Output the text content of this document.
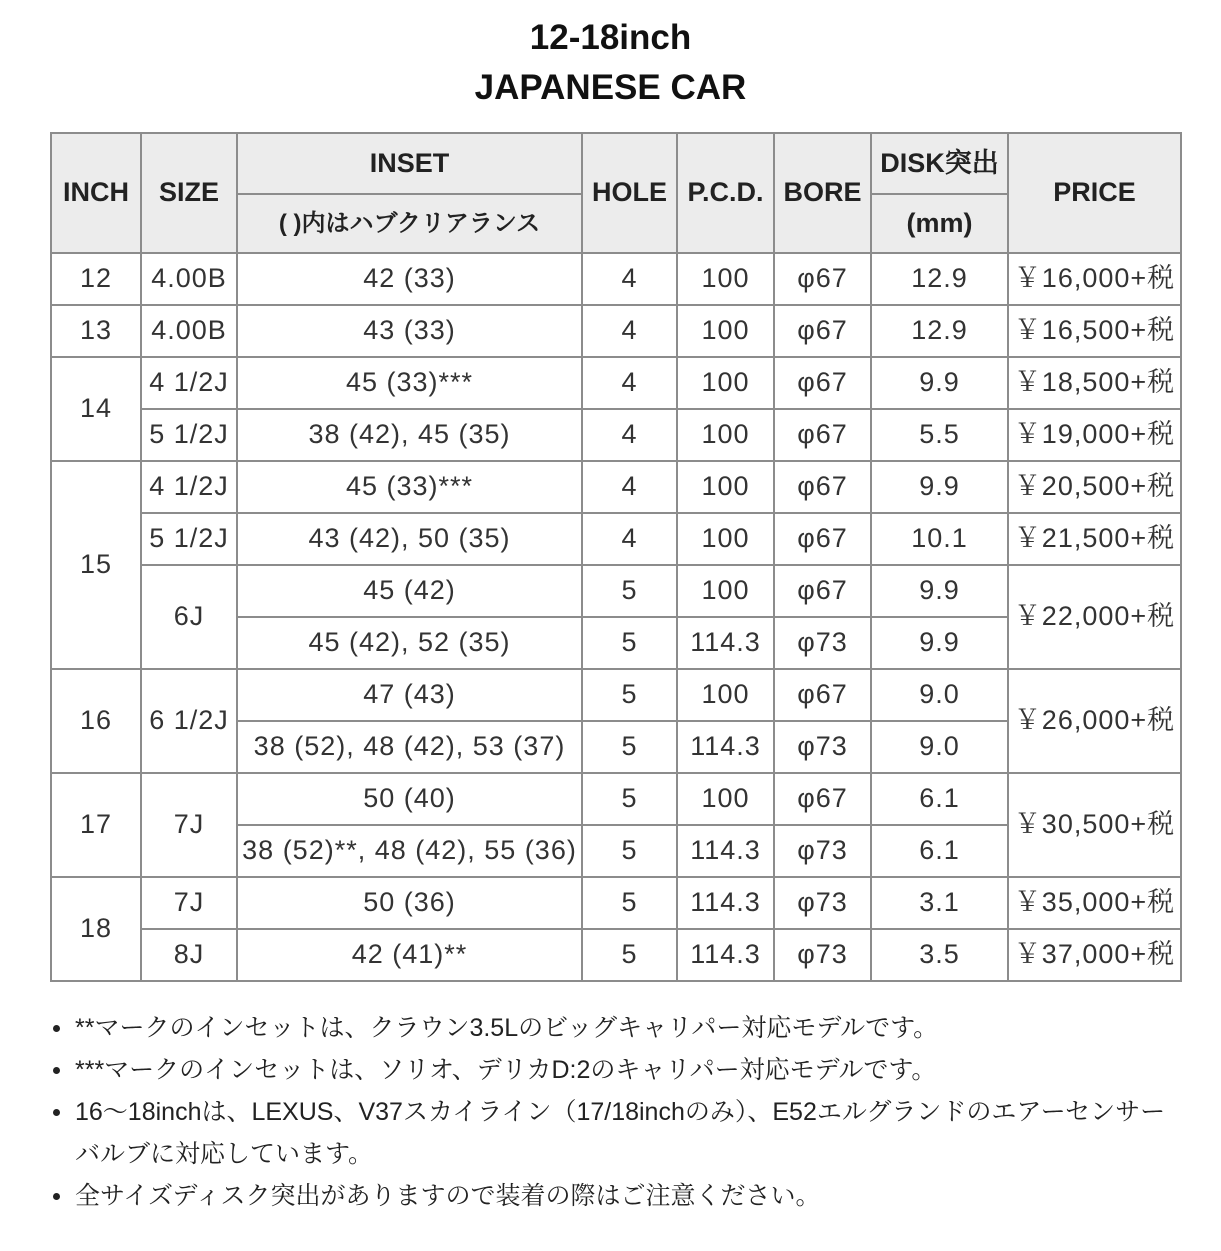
12-18inch
JAPANESE CAR
INCH	SIZE	INSET	HOLE	P.C.D.	BORE	DISK突出	PRICE
		( )内はハブクリアランス				(mm)	
12	4.00B	42 (33)	4	100	φ67	12.9	￥16,000+税
13	4.00B	43 (33)	4	100	φ67	12.9	￥16,500+税
14	4 1/2J	45 (33)***	4	100	φ67	9.9	￥18,500+税
	5 1/2J	38 (42), 45 (35)	4	100	φ67	5.5	￥19,000+税
15	4 1/2J	45 (33)***	4	100	φ67	9.9	￥20,500+税
	5 1/2J	43 (42), 50 (35)	4	100	φ67	10.1	￥21,500+税
	6J	45 (42)	5	100	φ67	9.9	￥22,000+税
		45 (42), 52 (35)	5	114.3	φ73	9.9	
16	6 1/2J	47 (43)	5	100	φ67	9.0	￥26,000+税
		38 (52), 48 (42), 53 (37)	5	114.3	φ73	9.0	
17	7J	50 (40)	5	100	φ67	6.1	￥30,500+税
		38 (52)**, 48 (42), 55 (36)	5	114.3	φ73	6.1	
18	7J	50 (36)	5	114.3	φ73	3.1	￥35,000+税
	8J	42 (41)**	5	114.3	φ73	3.5	￥37,000+税
**マークのインセットは、クラウン3.5Lのビッグキャリパー対応モデルです。
***マークのインセットは、ソリオ、デリカD:2のキャリパー対応モデルです。
16〜18inchは、LEXUS、V37スカイライン（17/18inchのみ）、E52エルグランドのエアーセンサーバルブに対応しています。
全サイズディスク突出がありますので装着の際はご注意ください。
